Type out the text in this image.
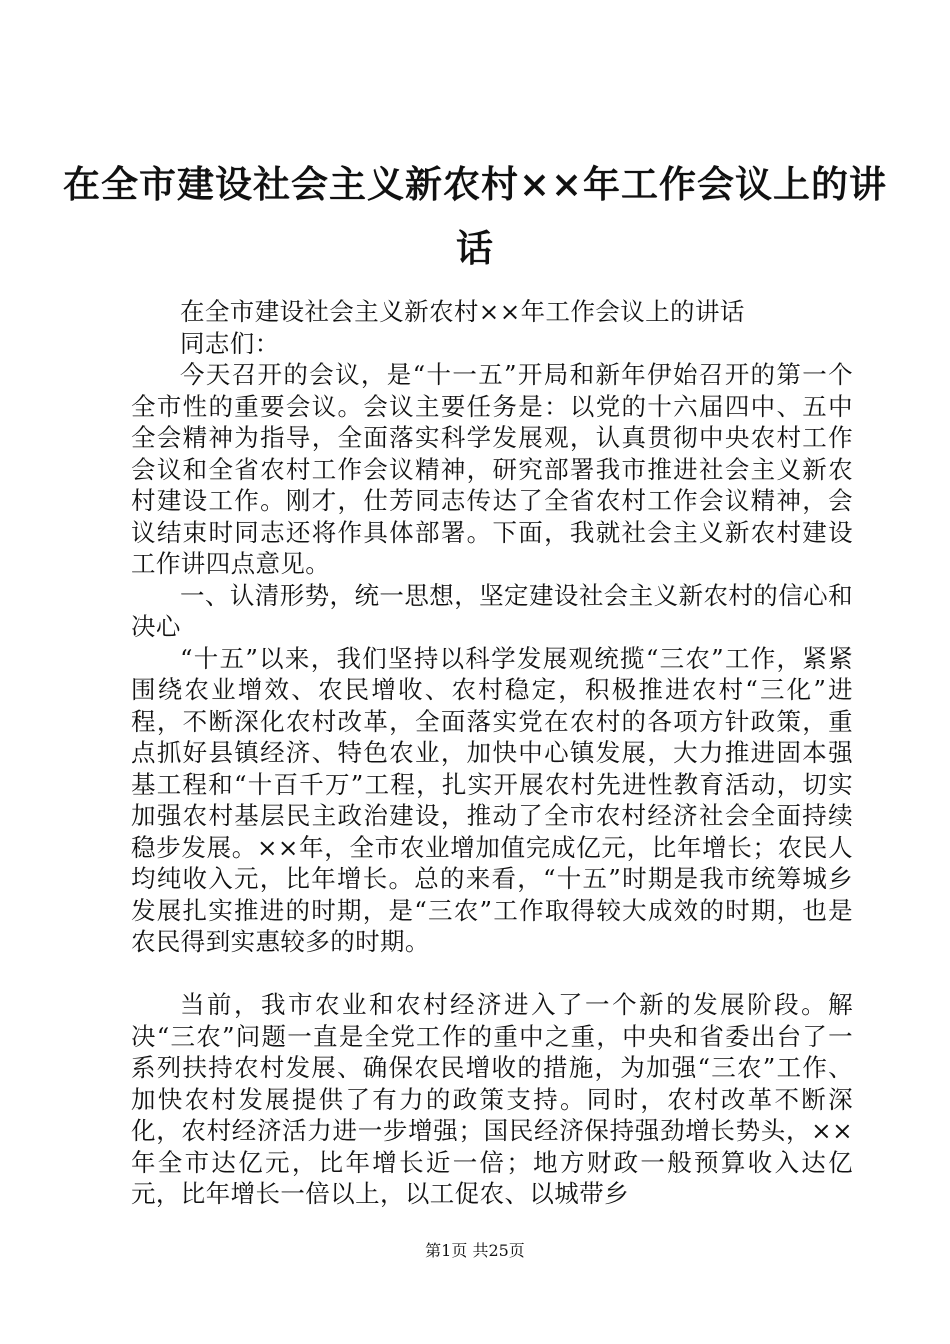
在全市建设社会主义新农村××年工作会议上的讲话

在全市建设社会主义新农村××年工作会议上的讲话

同志们：

今天召开的会议，是“十一五”开局和新年伊始召开的第一个全市性的重要会议。会议主要任务是：以党的十六届四中、五中全会精神为指导，全面落实科学发展观，认真贯彻中央农村工作会议和全省农村工作会议精神，研究部署我市推进社会主义新农村建设工作。刚才，仕芳同志传达了全省农村工作会议精神，会议结束时同志还将作具体部署。下面，我就社会主义新农村建设工作讲四点意见。

一、认清形势，统一思想，坚定建设社会主义新农村的信心和决心

“十五”以来，我们坚持以科学发展观统揽“三农”工作，紧紧围绕农业增效、农民增收、农村稳定，积极推进农村“三化”进程，不断深化农村改革，全面落实党在农村的各项方针政策，重点抓好县镇经济、特色农业，加快中心镇发展，大力推进固本强基工程和“十百千万”工程，扎实开展农村先进性教育活动，切实加强农村基层民主政治建设，推动了全市农村经济社会全面持续稳步发展。××年，全市农业增加值完成亿元，比年增长；农民人均纯收入元，比年增长。总的来看，“十五”时期是我市统筹城乡发展扎实推进的时期，是“三农”工作取得较大成效的时期，也是农民得到实惠较多的时期。

当前，我市农业和农村经济进入了一个新的发展阶段。解决“三农”问题一直是全党工作的重中之重，中央和省委出台了一系列扶持农村发展、确保农民增收的措施，为加强“三农”工作、加快农村发展提供了有力的政策支持。同时，农村改革不断深化，农村经济活力进一步增强；国民经济保持强劲增长势头，××年全市达亿元，比年增长近一倍；地方财政一般预算收入达亿元，比年增长一倍以上，以工促农、以城带乡

第1页 共25页
